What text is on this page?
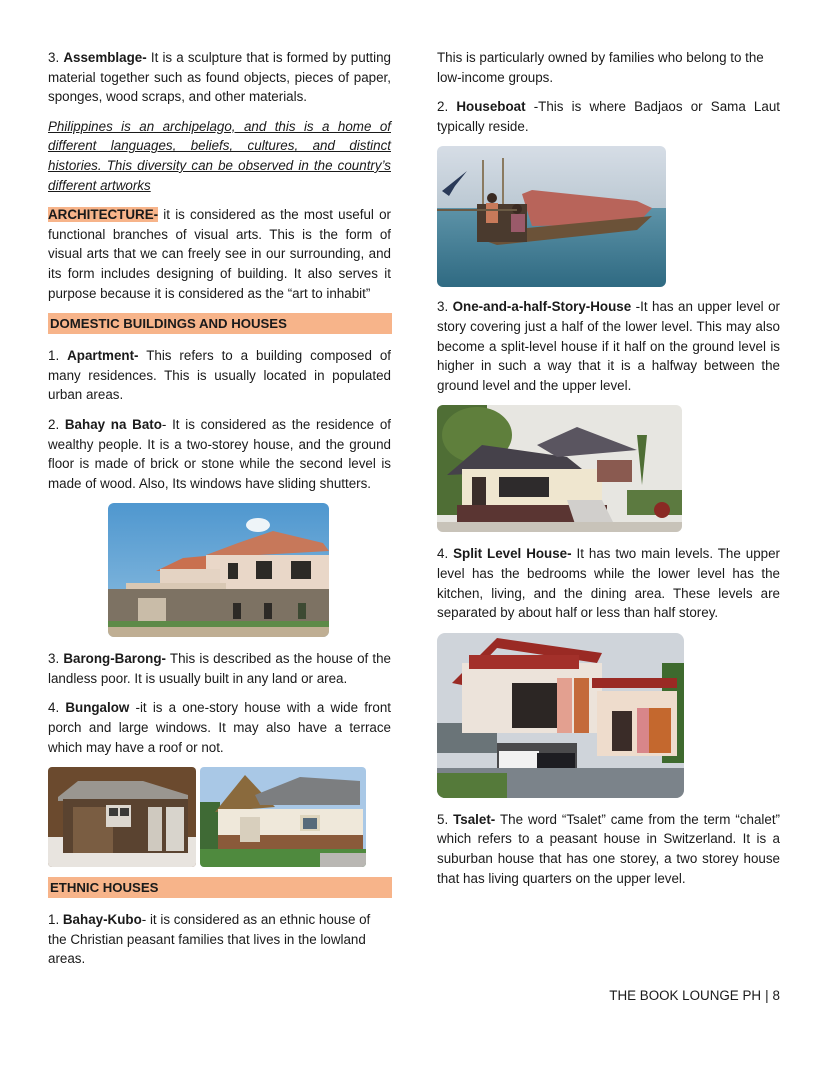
3. Assemblage- It is a sculpture that is formed by putting material together such as found objects, pieces of paper, sponges, wood scraps, and other materials.

Philippines is an archipelago, and this is a home of different languages, beliefs, cultures, and distinct histories. This diversity can be observed in the country’s different artworks

ARCHITECTURE- it is considered as the most useful or functional branches of visual arts. This is the form of visual arts that we can freely see in our surrounding, and its form includes designing of building. It also serves it purpose because it is considered as the “art to inhabit”

DOMESTIC BUILDINGS AND HOUSES

1. Apartment- This refers to a building composed of many residences. This is usually located in populated urban areas.

2. Bahay na Bato- It is considered as the residence of wealthy people. It is a two-storey house, and the ground floor is made of brick or stone while the second level is made of wood. Also, Its windows have sliding shutters.

3. Barong-Barong- This is described as the house of the landless poor. It is usually built in any land or area.

4. Bungalow -it is a one-story house with a wide front porch and large windows. It may also have a terrace which may have a roof or not.

ETHNIC HOUSES

1. Bahay-Kubo- it is considered as an ethnic house of the Christian peasant families that lives in the lowland areas.

This is particularly owned by families who belong to the low-income groups.

2. Houseboat -This is where Badjaos or Sama Laut typically reside.

3. One-and-a-half-Story-House -It has an upper level or story covering just a half of the lower level. This may also become a split-level house if it half on the ground level is higher in such a way that it is a halfway between the ground level and the upper level.

4. Split Level House- It has two main levels. The upper level has the bedrooms while the lower level has the kitchen, living, and the dining area. These levels are separated by about half or less than half storey.

5. Tsalet- The word “Tsalet” came from the term “chalet” which refers to a peasant house in Switzerland. It is a suburban house that has one storey, a two storey house that has living quarters on the upper level.

THE BOOK LOUNGE PH | 8
